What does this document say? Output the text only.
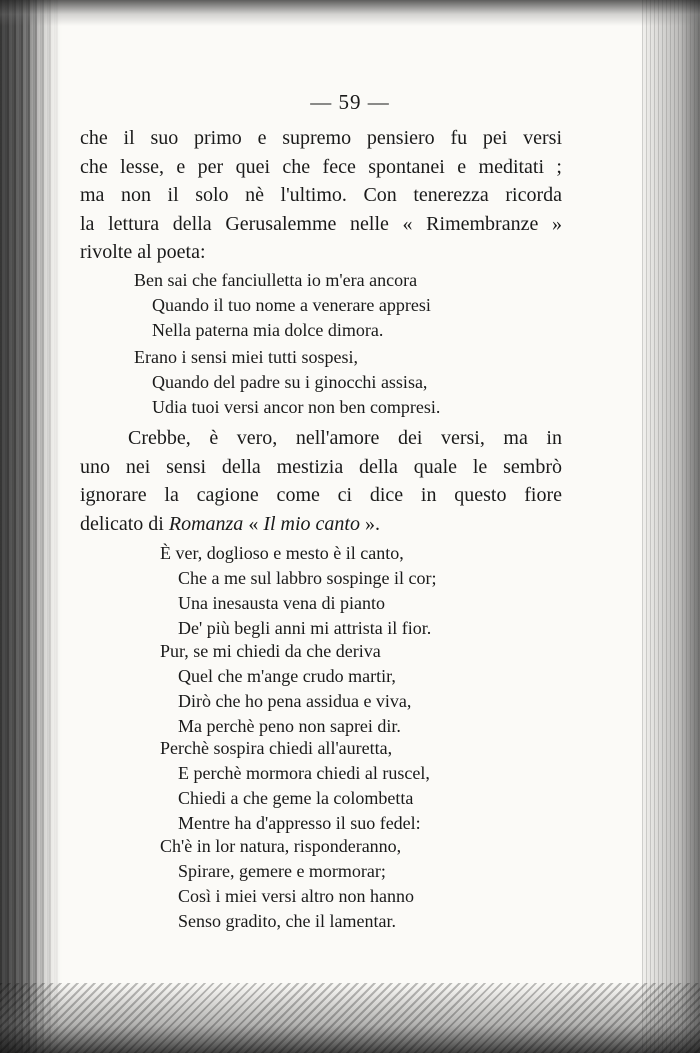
— 59 —

che il suo primo e supremo pensiero fu pei versi

che lesse, e per quei che fece spontanei e meditati ;

ma non il solo nè l'ultimo. Con tenerezza ricorda

la lettura della Gerusalemme nelle « Rimembranze »

rivolte al poeta:

Ben sai che fanciulletta io m'era ancora
Quando il tuo nome a venerare appresi
Nella paterna mia dolce dimora.
Erano i sensi miei tutti sospesi,
Quando del padre su i ginocchi assisa,
Udia tuoi versi ancor non ben compresi.

Crebbe, è vero, nell'amore dei versi, ma in

uno nei sensi della mestizia della quale le sembrò

ignorare la cagione come ci dice in questo fiore

delicato di Romanza « Il mio canto ».

È ver, doglioso e mesto è il canto,
Che a me sul labbro sospinge il cor;
Una inesausta vena di pianto
De' più begli anni mi attrista il fior.
Pur, se mi chiedi da che deriva
Quel che m'ange crudo martir,
Dirò che ho pena assidua e viva,
Ma perchè peno non saprei dir.
Perchè sospira chiedi all'auretta,
E perchè mormora chiedi al ruscel,
Chiedi a che geme la colombetta
Mentre ha d'appresso il suo fedel:
Ch'è in lor natura, risponderanno,
Spirare, gemere e mormorar;
Così i miei versi altro non hanno
Senso gradito, che il lamentar.
